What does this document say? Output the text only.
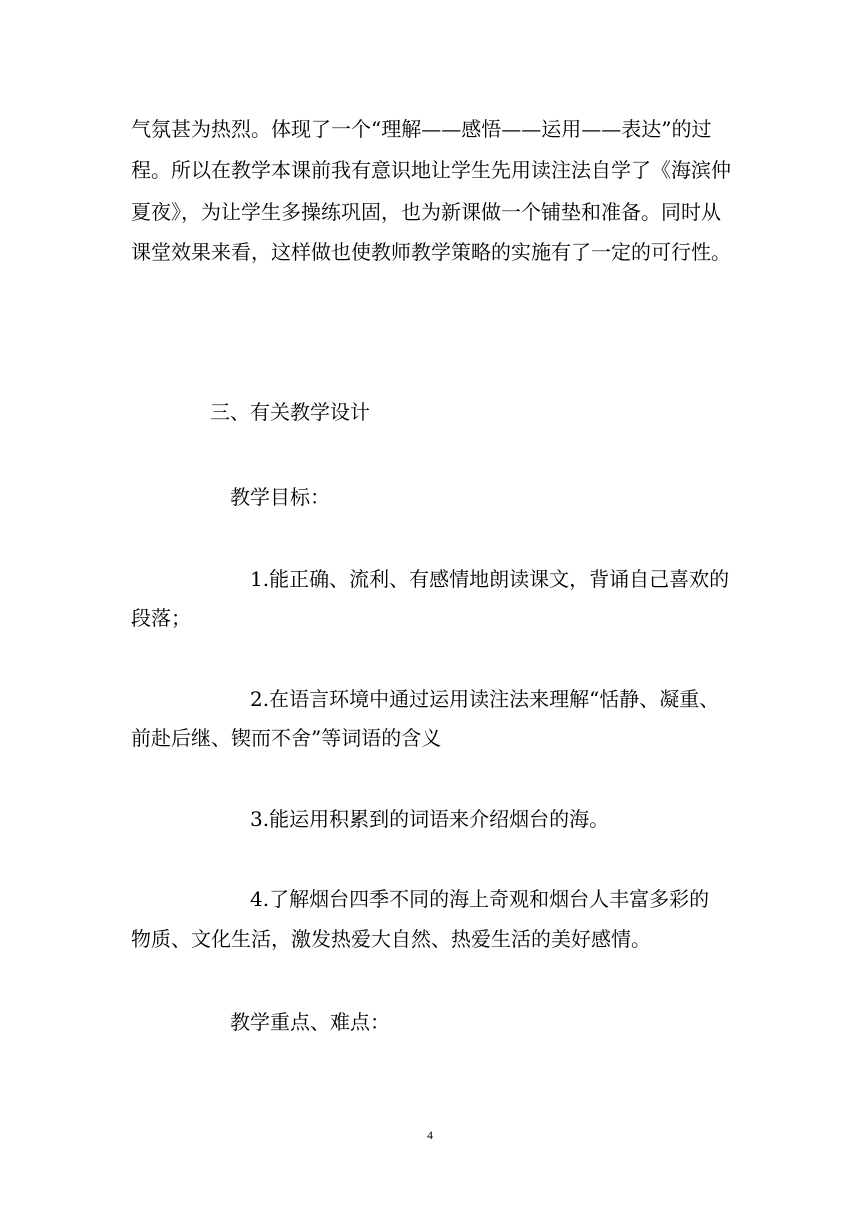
气氛甚为热烈。体现了一个“理解——感悟——运用——表达”的过

程。所以在教学本课前我有意识地让学生先用读注法自学了《海滨仲

夏夜》，为让学生多操练巩固，也为新课做一个铺垫和准备。同时从

课堂效果来看，这样做也使教师教学策略的实施有了一定的可行性。

三、有关教学设计

教学目标：

1.能正确、流利、有感情地朗读课文，背诵自己喜欢的

段落；

2.在语言环境中通过运用读注法来理解“恬静、凝重、

前赴后继、锲而不舍”等词语的含义

3.能运用积累到的词语来介绍烟台的海。

4.了解烟台四季不同的海上奇观和烟台人丰富多彩的

物质、文化生活，激发热爱大自然、热爱生活的美好感情。

教学重点、难点：

4
